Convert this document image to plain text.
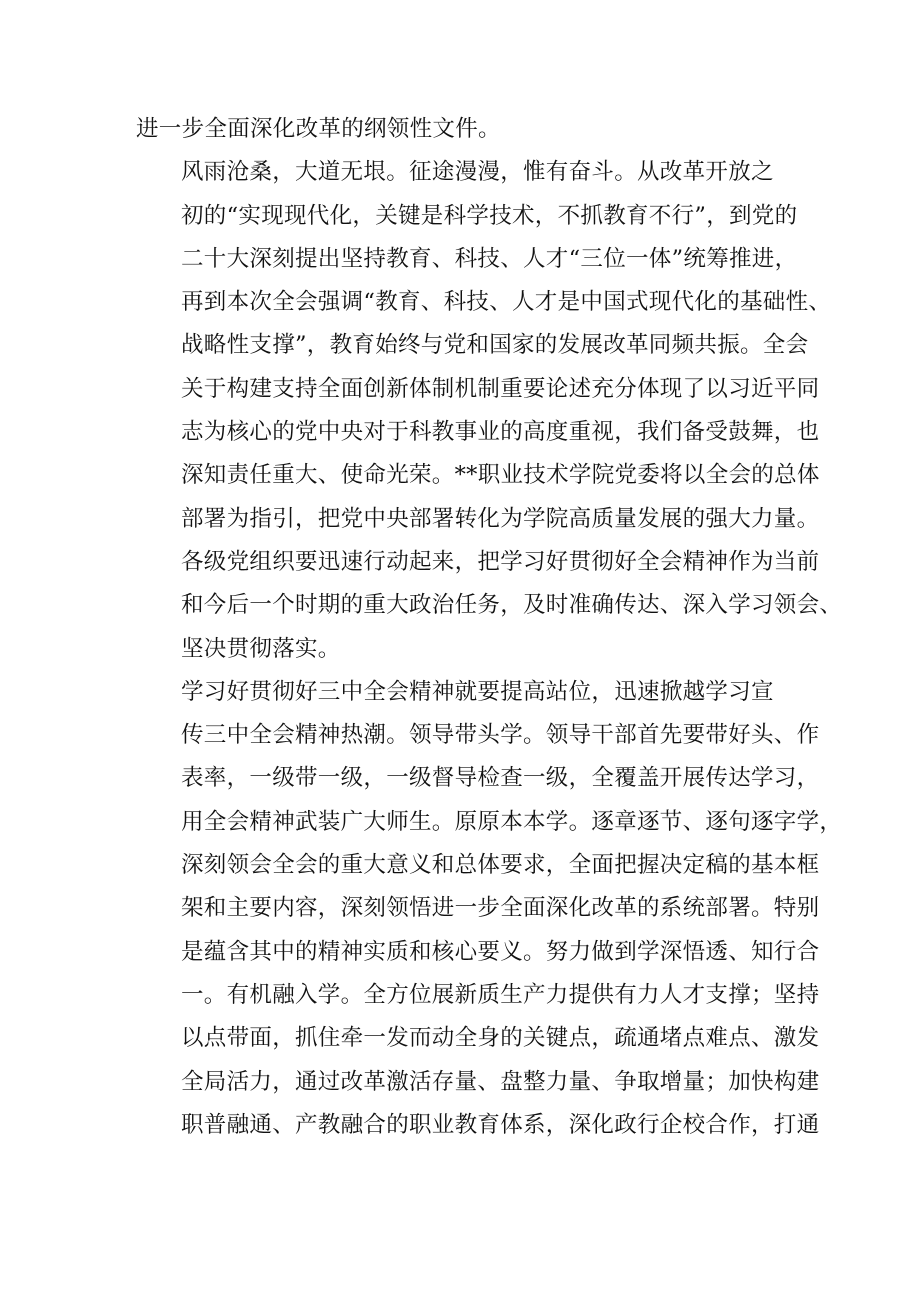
进一步全面深化改革的纲领性文件。

风雨沧桑，大道无垠。征途漫漫，惟有奋斗。从改革开放之
初的“实现现代化，关键是科学技术，不抓教育不行”，到党的
二十大深刻提出坚持教育、科技、人才“三位一体”统筹推进，
再到本次全会强调“教育、科技、人才是中国式现代化的基础性、
战略性支撑”，教育始终与党和国家的发展改革同频共振。全会
关于构建支持全面创新体制机制重要论述充分体现了以习近平同
志为核心的党中央对于科教事业的高度重视，我们备受鼓舞，也
深知责任重大、使命光荣。**职业技术学院党委将以全会的总体
部署为指引，把党中央部署转化为学院高质量发展的强大力量。
各级党组织要迅速行动起来，把学习好贯彻好全会精神作为当前
和今后一个时期的重大政治任务，及时准确传达、深入学习领会、
坚决贯彻落实。

学习好贯彻好三中全会精神就要提高站位，迅速掀越学习宣
传三中全会精神热潮。领导带头学。领导干部首先要带好头、作
表率，一级带一级，一级督导检查一级，全覆盖开展传达学习，
用全会精神武装广大师生。原原本本学。逐章逐节、逐句逐字学，
深刻领会全会的重大意义和总体要求，全面把握决定稿的基本框
架和主要内容，深刻领悟进一步全面深化改革的系统部署。特别
是蕴含其中的精神实质和核心要义。努力做到学深悟透、知行合
一。有机融入学。全方位展新质生产力提供有力人才支撑；坚持
以点带面，抓住牵一发而动全身的关键点，疏通堵点难点、激发
全局活力，通过改革激活存量、盘整力量、争取增量；加快构建
职普融通、产教融合的职业教育体系，深化政行企校合作，打通
